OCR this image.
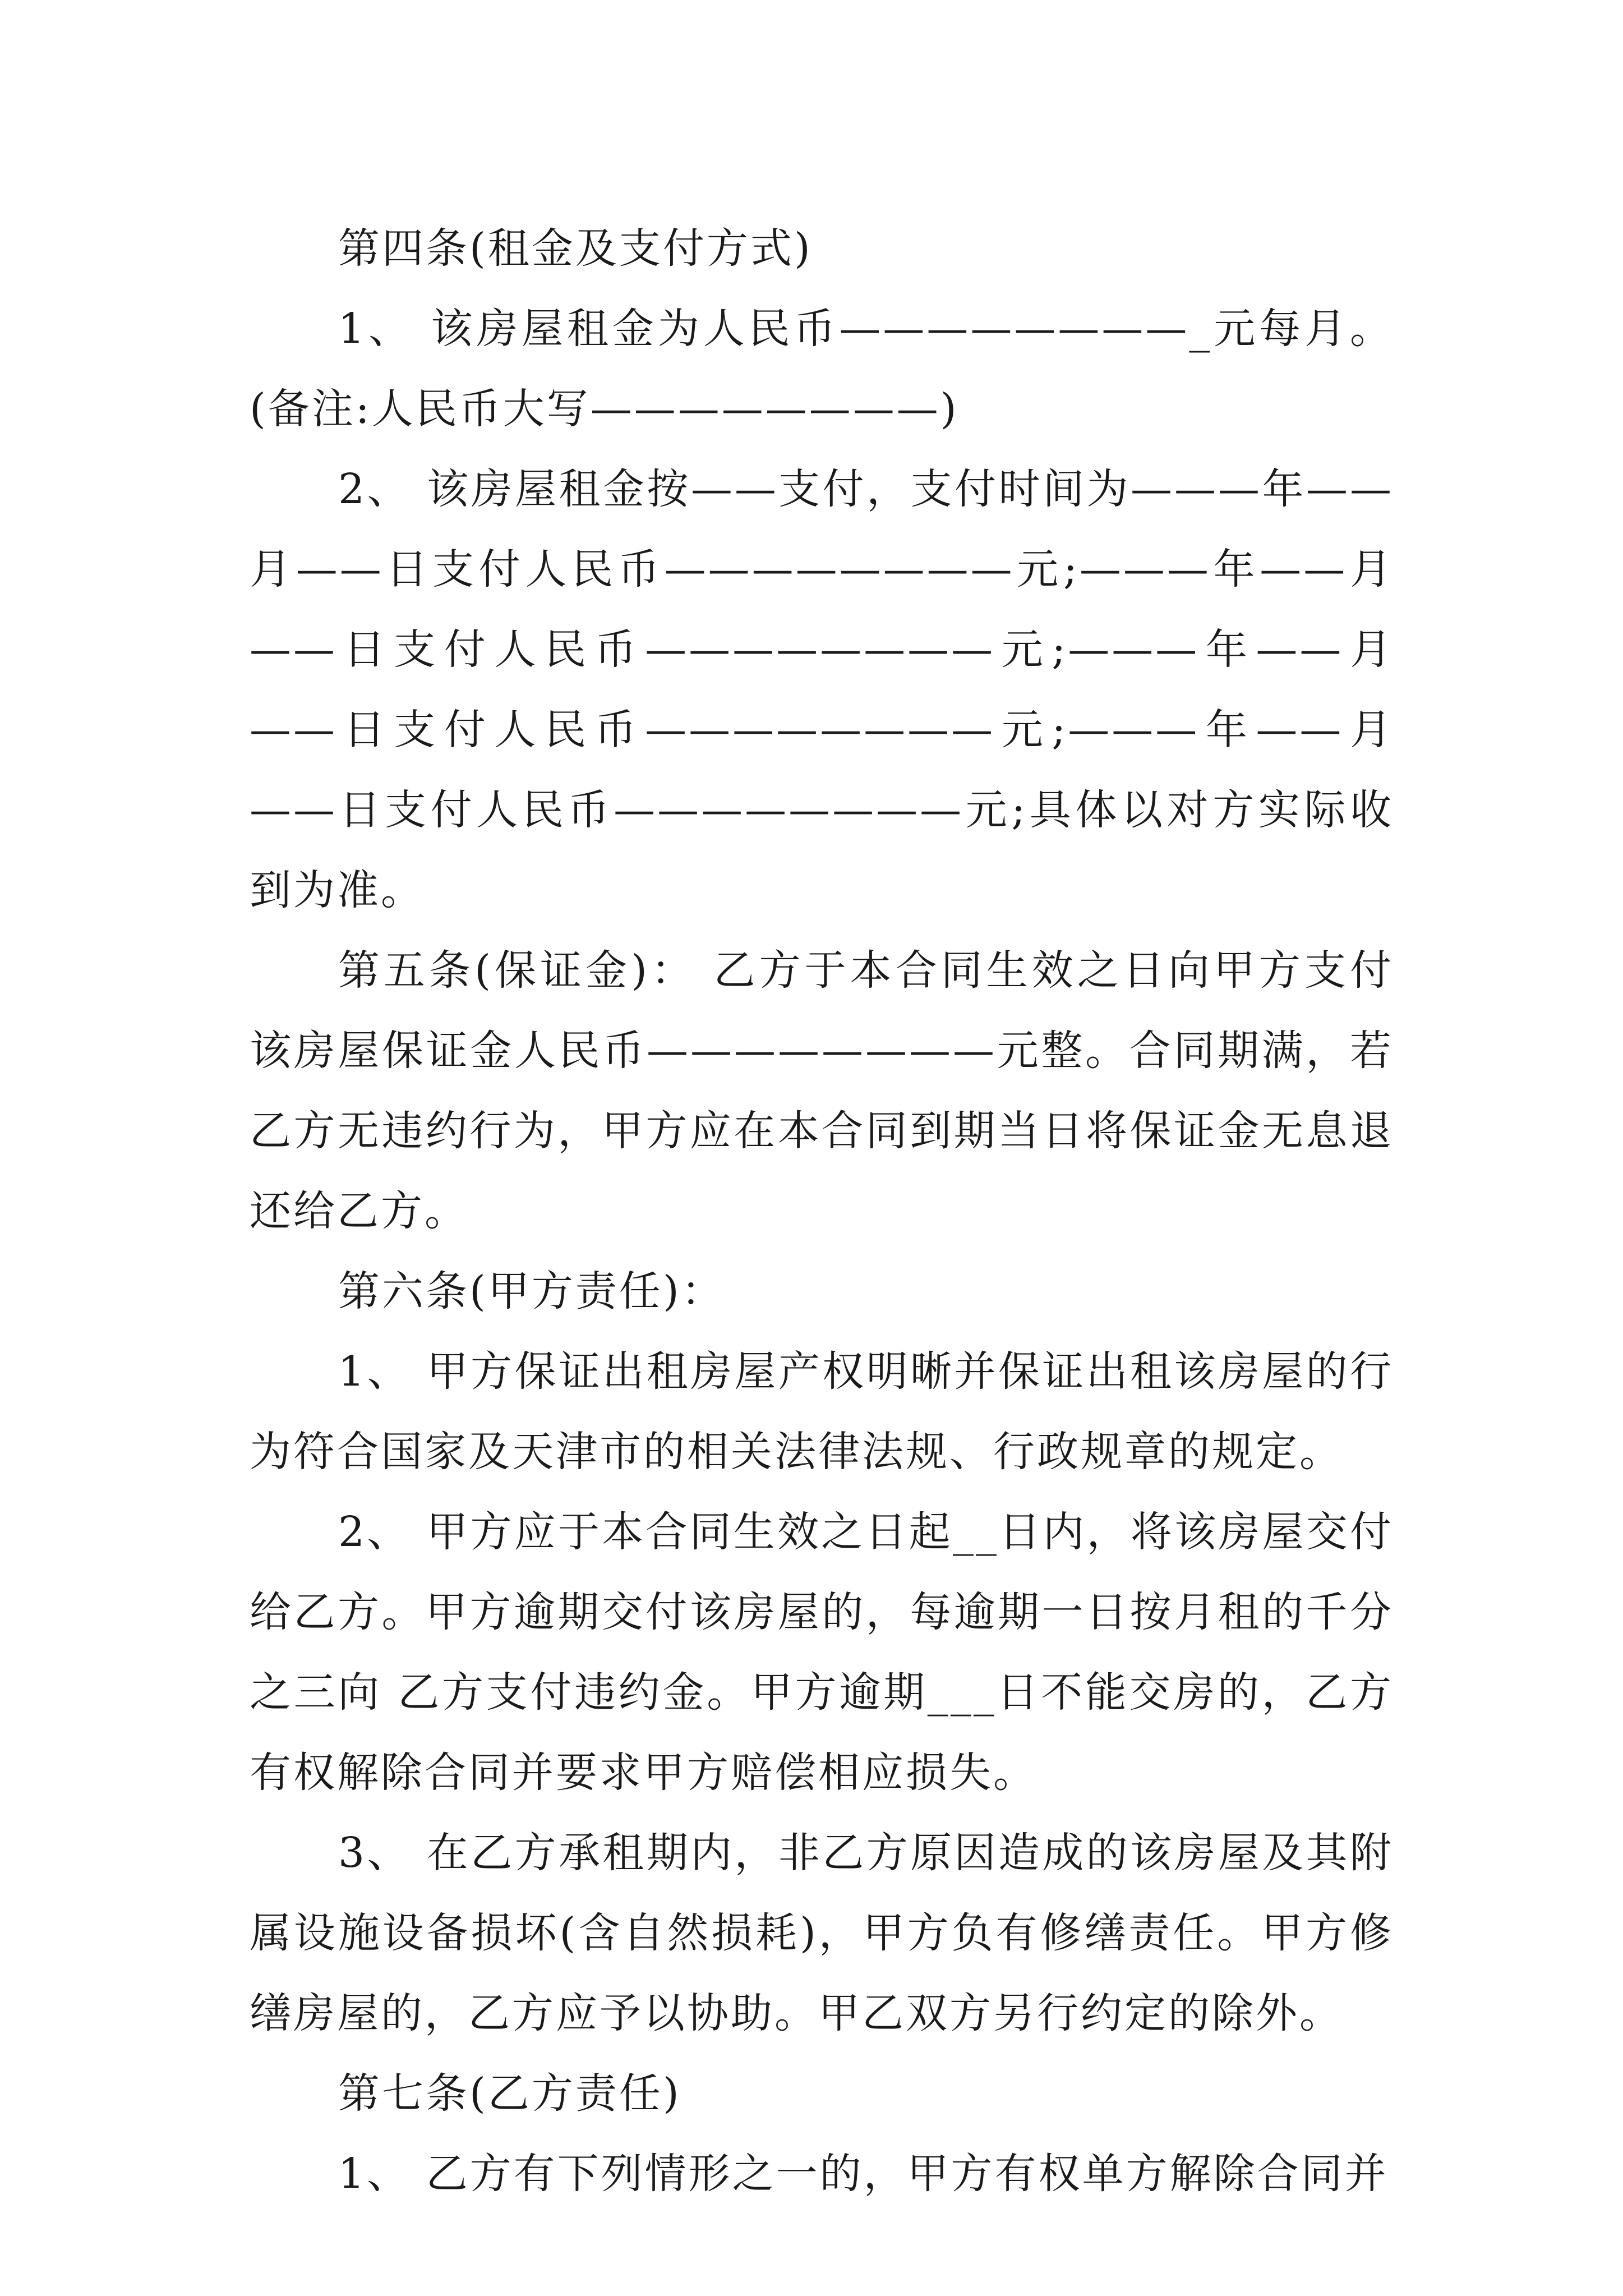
第四条(租金及支付方式)

1、 该房屋租金为人民币————————_元每月。(备注:人民币大写————————)

2、 该房屋租金按——支付，支付时间为———年——月——日支付人民币————————元;———年——月——日支付人民币————————元;———年——月——日支付人民币————————元;———年——月——日支付人民币————————元;具体以对方实际收到为准。

第五条(保证金)： 乙方于本合同生效之日向甲方支付该房屋保证金人民币————————元整。合同期满，若乙方无违约行为，甲方应在本合同到期当日将保证金无息退还给乙方。

第六条(甲方责任)：

1、 甲方保证出租房屋产权明晰并保证出租该房屋的行为符合国家及天津市的相关法律法规、行政规章的规定。

2、 甲方应于本合同生效之日起__日内，将该房屋交付给乙方。甲方逾期交付该房屋的，每逾期一日按月租的千分之三向 乙方支付违约金。甲方逾期___日不能交房的，乙方有权解除合同并要求甲方赔偿相应损失。

3、 在乙方承租期内，非乙方原因造成的该房屋及其附属设施设备损坏(含自然损耗)，甲方负有修缮责任。甲方修缮房屋的，乙方应予以协助。甲乙双方另行约定的除外。

第七条(乙方责任)

1、 乙方有下列情形之一的，甲方有权单方解除合同并
